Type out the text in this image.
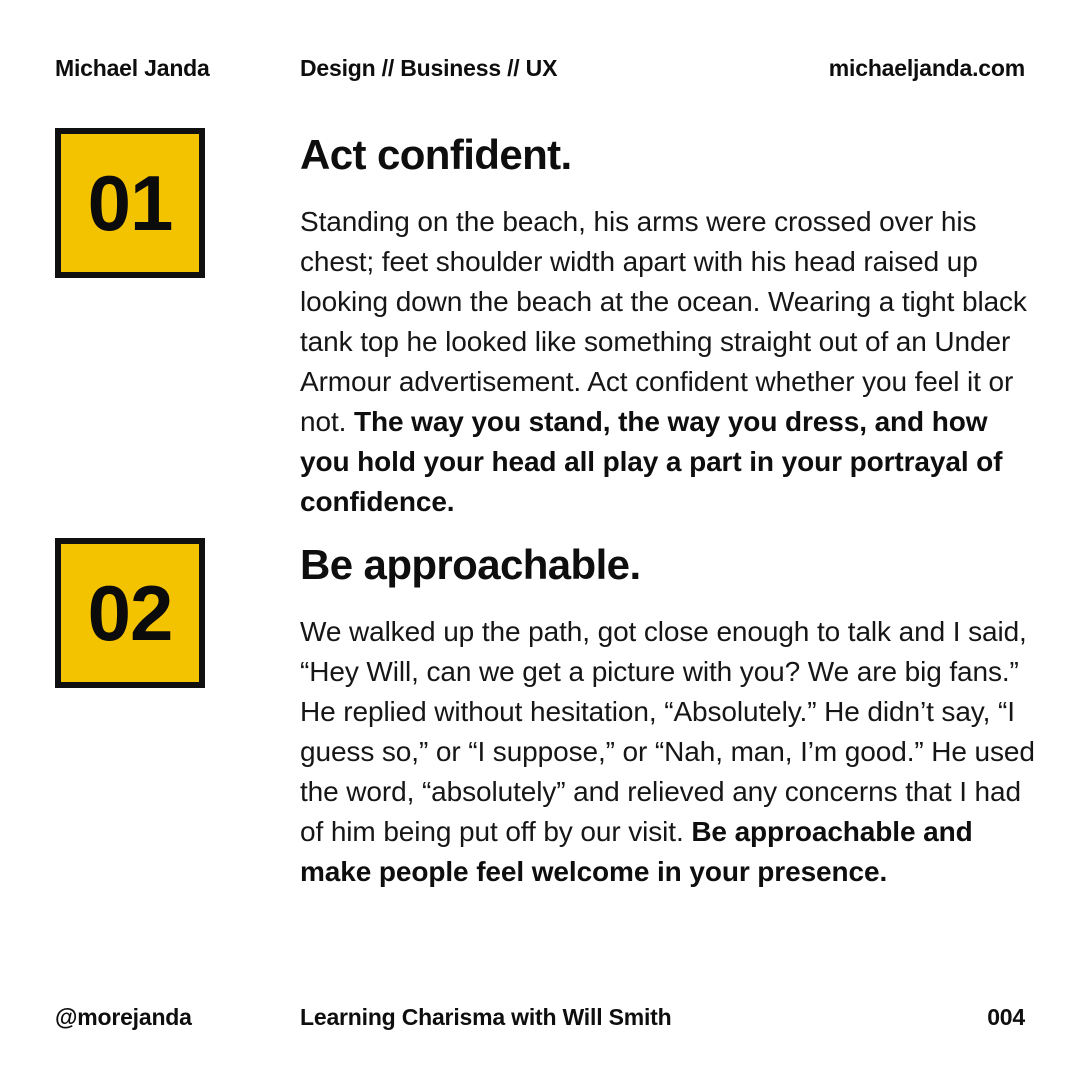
Michael Janda	Design // Business // UX	michaeljanda.com
01
Act confident.

Standing on the beach, his arms were crossed over his chest; feet shoulder width apart with his head raised up looking down the beach at the ocean. Wearing a tight black tank top he looked like something straight out of an Under Armour advertisement. Act confident whether you feel it or not. The way you stand, the way you dress, and how you hold your head all play a part in your portrayal of confidence.

02
Be approachable.

We walked up the path, got close enough to talk and I said, “Hey Will, can we get a picture with you? We are big fans.” He replied without hesitation, “Absolutely.” He didn’t say, “I guess so,” or “I suppose,” or “Nah, man, I’m good.” He used the word, “absolutely” and relieved any concerns that I had of him being put off by our visit. Be approachable and make people feel welcome in your presence.

@morejanda	Learning Charisma with Will Smith	004
